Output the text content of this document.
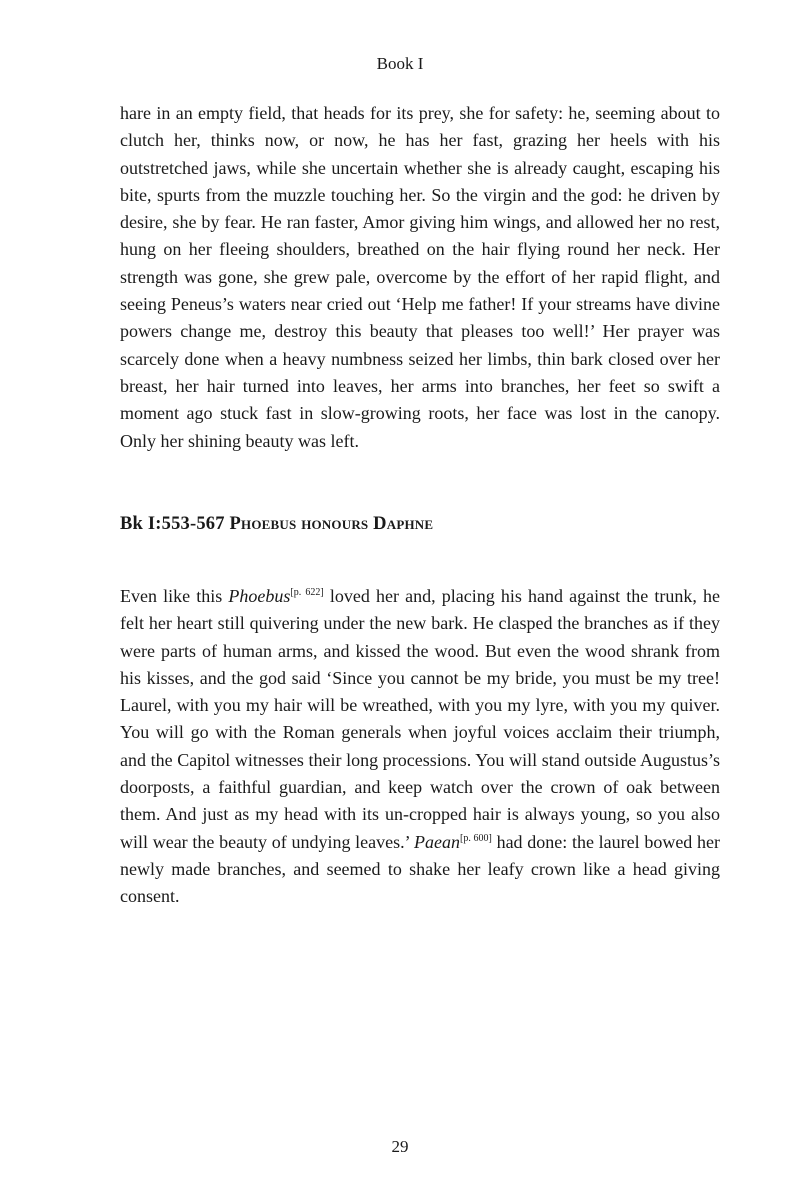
Book I

hare in an empty field, that heads for its prey, she for safety: he, seeming about to clutch her, thinks now, or now, he has her fast, grazing her heels with his outstretched jaws, while she uncertain whether she is already caught, escaping his bite, spurts from the muzzle touching her. So the virgin and the god: he driven by desire, she by fear. He ran faster, Amor giving him wings, and allowed her no rest, hung on her fleeing shoulders, breathed on the hair flying round her neck. Her strength was gone, she grew pale, overcome by the effort of her rapid flight, and seeing Peneus’s waters near cried out ‘Help me father! If your streams have divine powers change me, destroy this beauty that pleases too well!’ Her prayer was scarcely done when a heavy numbness seized her limbs, thin bark closed over her breast, her hair turned into leaves, her arms into branches, her feet so swift a moment ago stuck fast in slow-growing roots, her face was lost in the canopy. Only her shining beauty was left.

Bk I:553-567 Phoebus honours Daphne

Even like this Phoebus[p. 622] loved her and, placing his hand against the trunk, he felt her heart still quivering under the new bark. He clasped the branches as if they were parts of human arms, and kissed the wood. But even the wood shrank from his kisses, and the god said ‘Since you cannot be my bride, you must be my tree! Laurel, with you my hair will be wreathed, with you my lyre, with you my quiver. You will go with the Roman generals when joyful voices acclaim their triumph, and the Capitol witnesses their long processions. You will stand outside Augustus’s doorposts, a faithful guardian, and keep watch over the crown of oak between them. And just as my head with its un-cropped hair is always young, so you also will wear the beauty of undying leaves.’ Paean[p. 600] had done: the laurel bowed her newly made branches, and seemed to shake her leafy crown like a head giving consent.

29
